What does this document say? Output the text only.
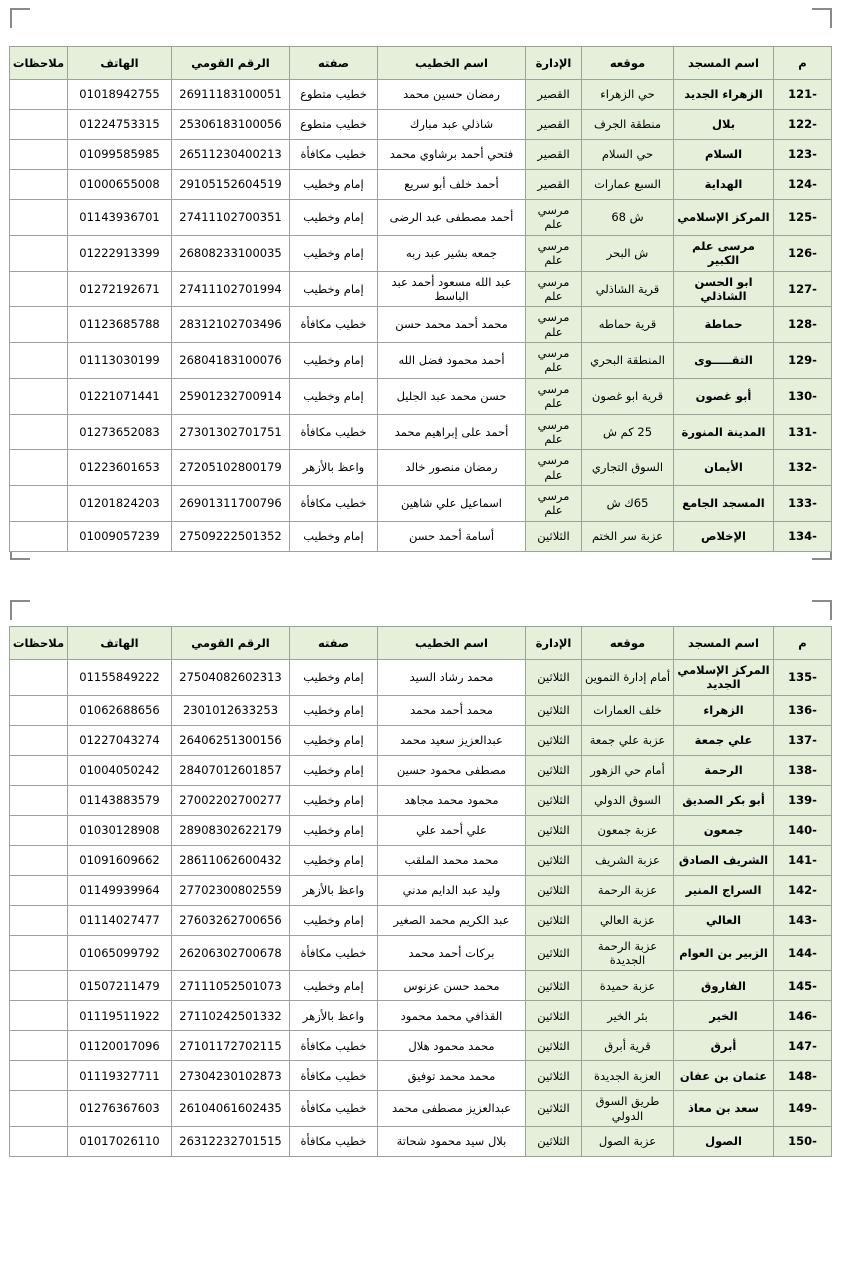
م	اسم المسجد	موقعه	الإدارة	اسم الخطيب	صفته	الرقم القومي	الهاتف	ملاحظات
121-	الزهراء الجديد	حي الزهراء	القصير	رمضان حسين محمد	خطيب متطوع	26911183100051	01018942755	
122-	بلال	منطقة الجرف	القصير	شاذلي عبد مبارك	خطيب متطوع	25306183100056	01224753315	
123-	السلام	حي السلام	القصير	فتحي أحمد برشاوي محمد	خطيب مكافأة	26511230400213	01099585985	
124-	الهداية	السبع عمارات	القصير	أحمد خلف أبو سريع	إمام وخطيب	29105152604519	01000655008	
125-	المركز الإسلامي	ش 68	مرسي علم	أحمد مصطفى عبد الرضى	إمام وخطيب	27411102700351	01143936701	
126-	مرسى علم الكبير	ش البحر	مرسي علم	جمعه بشير عبد ربه	إمام وخطيب	26808233100035	01222913399	
127-	ابو الحسن الشاذلي	قرية الشاذلي	مرسي علم	عبد الله مسعود أحمد عبد الباسط	إمام وخطيب	27411102701994	01272192671	
128-	حماطة	قرية حماطه	مرسي علم	محمد أحمد محمد حسن	خطيب مكافأة	28312102703496	01123685788	
129-	التقـــــوى	المنطقة البحري	مرسي علم	أحمد محمود فضل الله	إمام وخطيب	26804183100076	01113030199	
130-	أبو غصون	قرية ابو غصون	مرسي علم	حسن محمد عبد الجليل	إمام وخطيب	25901232700914	01221071441	
131-	المدينة المنورة	25 كم ش	مرسي علم	أحمد على إبراهيم محمد	خطيب مكافأة	27301302701751	01273652083	
132-	الأيمان	السوق التجاري	مرسي علم	رمضان منصور خالد	واعظ بالأزهر	27205102800179	01223601653	
133-	المسجد الجامع	65ك ش	مرسي علم	اسماعيل علي شاهين	خطيب مكافأة	26901311700796	01201824203	
134-	الإخلاص	عزبة سر الختم	الثلاثين	أسامة أحمد حسن	إمام وخطيب	27509222501352	01009057239	
م	اسم المسجد	موقعه	الإدارة	اسم الخطيب	صفته	الرقم القومي	الهاتف	ملاحظات
135-	المركز الإسلامي الجديد	أمام إدارة التموين	الثلاثين	محمد رشاد السيد	إمام وخطيب	27504082602313	01155849222	
136-	الزهراء	خلف العمارات	الثلاثين	محمد أحمد محمد	إمام وخطيب	2301012633253	01062688656	
137-	علي جمعة	عزبة علي جمعة	الثلاثين	عبدالعزيز سعيد محمد	إمام وخطيب	26406251300156	01227043274	
138-	الرحمة	أمام حي الزهور	الثلاثين	مصطفى محمود حسين	إمام وخطيب	28407012601857	01004050242	
139-	أبو بكر الصديق	السوق الدولي	الثلاثين	محمود محمد مجاهد	إمام وخطيب	27002202700277	01143883579	
140-	جمعون	عزبة جمعون	الثلاثين	علي أحمد علي	إمام وخطيب	28908302622179	01030128908	
141-	الشريف الصادق	عزبة الشريف	الثلاثين	محمد محمد الملقب	إمام وخطيب	28611062600432	01091609662	
142-	السراج المنير	عزبة الرحمة	الثلاثين	وليد عبد الدايم مدني	واعظ بالأزهر	27702300802559	01149939964	
143-	العالي	عزبة العالي	الثلاثين	عبد الكريم محمد الصغير	إمام وخطيب	27603262700656	01114027477	
144-	الزبير بن العوام	عزبة الرحمة الجديدة	الثلاثين	بركات أحمد محمد	خطيب مكافأة	26206302700678	01065099792	
145-	الفاروق	عزبة حميدة	الثلاثين	محمد حسن عزنوس	إمام وخطيب	27111052501073	01507211479	
146-	الخير	بئر الخير	الثلاثين	القذافي محمد محمود	واعظ بالأزهر	27110242501332	01119511922	
147-	أبرق	قرية أبرق	الثلاثين	محمد محمود هلال	خطيب مكافأة	27101172702115	01120017096	
148-	عثمان بن عفان	العزبة الجديدة	الثلاثين	محمد محمد توفيق	خطيب مكافأة	27304230102873	01119327711	
149-	سعد بن معاذ	طريق السوق الدولي	الثلاثين	عبدالعزيز مصطفى محمد	خطيب مكافأة	26104061602435	01276367603	
150-	الصول	عزبة الصول	الثلاثين	بلال سيد محمود شحاتة	خطيب مكافأة	26312232701515	01017026110	
